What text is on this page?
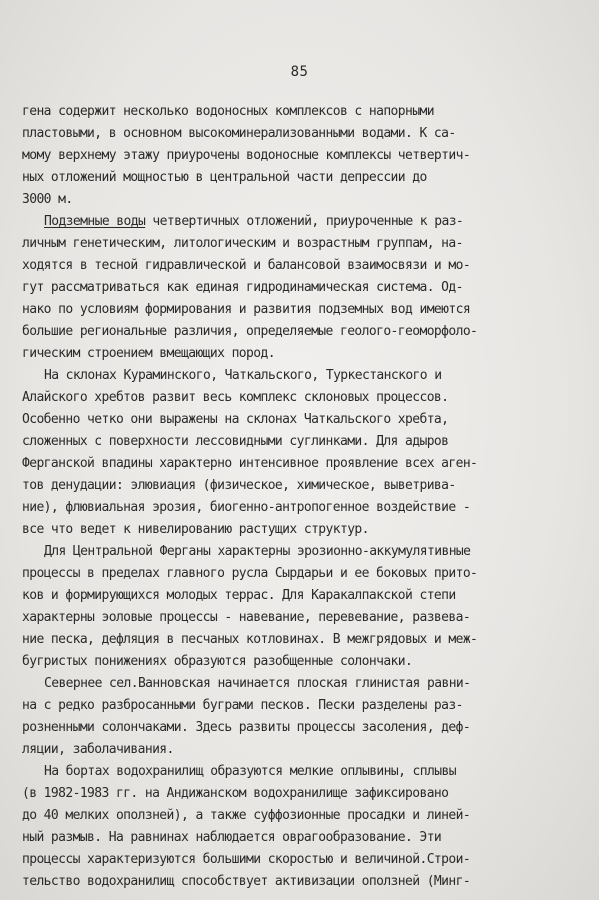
85
гена содержит несколько водоносных комплексов с напорными
пластовыми, в основном высокоминерализованными водами. К са-
мому верхнему этажу приурочены водоносные комплексы четвертич-
ных отложений мощностью в центральной части депрессии до
3000 м.
Подземные воды четвертичных отложений, приуроченные к раз-
личным генетическим, литологическим и возрастным группам, на-
ходятся в тесной гидравлической и балансовой взаимосвязи и мо-
гут рассматриваться как единая гидродинамическая система. Од-
нако по условиям формирования и развития подземных вод имеются
большие региональные различия, определяемые геолого-геоморфоло-
гическим строением вмещающих пород.
На склонах Кураминского, Чаткальского, Туркестанского и
Алайского хребтов развит весь комплекс склоновых процессов.
Особенно четко они выражены на склонах Чаткальского хребта,
сложенных с поверхности лессовидными суглинками. Для адыров
Ферганской впадины характерно интенсивное проявление всех аген-
тов денудации: элювиация (физическое, химическое, выветрива-
ние), флювиальная эрозия, биогенно-антропогенное воздействие -
все что ведет к нивелированию растущих структур.
Для Центральной Ферганы характерны эрозионно-аккумулятивные
процессы в пределах главного русла Сырдарьи и ее боковых прито-
ков и формирующихся молодых террас. Для Каракалпакской степи
характерны эоловые процессы - навевание, перевевание, развева-
ние песка, дефляция в песчаных котловинах. В межгрядовых и меж-
бугристых понижениях образуются разобщенные солончаки.
Севернее сел.Ванновская начинается плоская глинистая равни-
на с редко разбросанными буграми песков. Пески разделены раз-
розненными солончаками. Здесь развиты процессы засоления, деф-
ляции, заболачивания.
На бортах водохранилищ образуются мелкие оплывины, сплывы
(в 1982-1983 гг. на Андижанском водохранилище зафиксировано
до 40 мелких оползней), а также суффозионные просадки и линей-
ный размыв. На равнинах наблюдается оврагообразование. Эти
процессы характеризуются большими скоростью и величиной.Строи-
тельство водохранилищ способствует активизации оползней (Минг-
